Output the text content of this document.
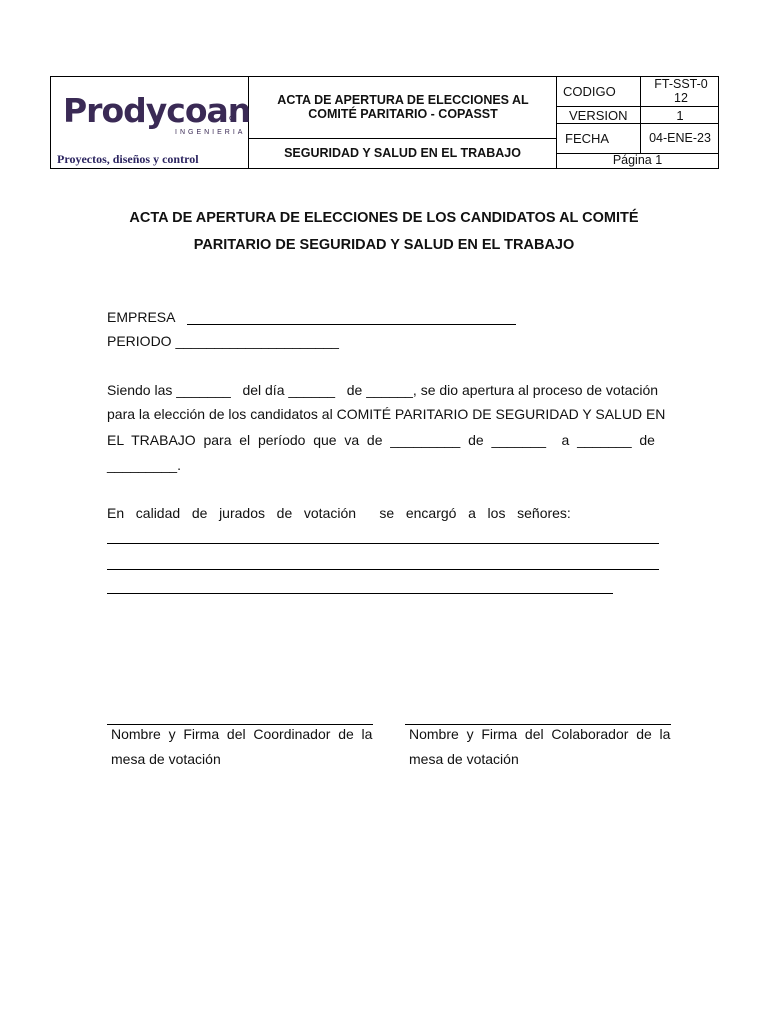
Prodycoan
INGENIERIA
Proyectos, diseños y control
ACTA DE APERTURA DE ELECCIONES AL COMITÉ PARITARIO - COPASST
SEGURIDAD Y SALUD EN EL TRABAJO
CODIGO	FT-SST-012
VERSION	1
FECHA	04-ENE-23
Página 1
ACTA DE APERTURA DE ELECCIONES DE LOS CANDIDATOS AL COMITÉ
PARITARIO DE SEGURIDAD Y SALUD EN EL TRABAJO
EMPRESA
PERIODO _____________________
Siendo las _______   del día ______   de ______, se dio apertura al proceso de votación
para la elección de los candidatos al COMITÉ PARITARIO DE SEGURIDAD Y SALUD EN
EL  TRABAJO  para  el  período  que  va  de  _________  de  _______    a  _______  de
_________.
En   calidad   de   jurados   de   votación      se   encargó   a   los   señores:
Nombre  y  Firma  del  Coordinador  de  la
mesa de votación
Nombre  y  Firma  del  Colaborador  de  la
mesa de votación
